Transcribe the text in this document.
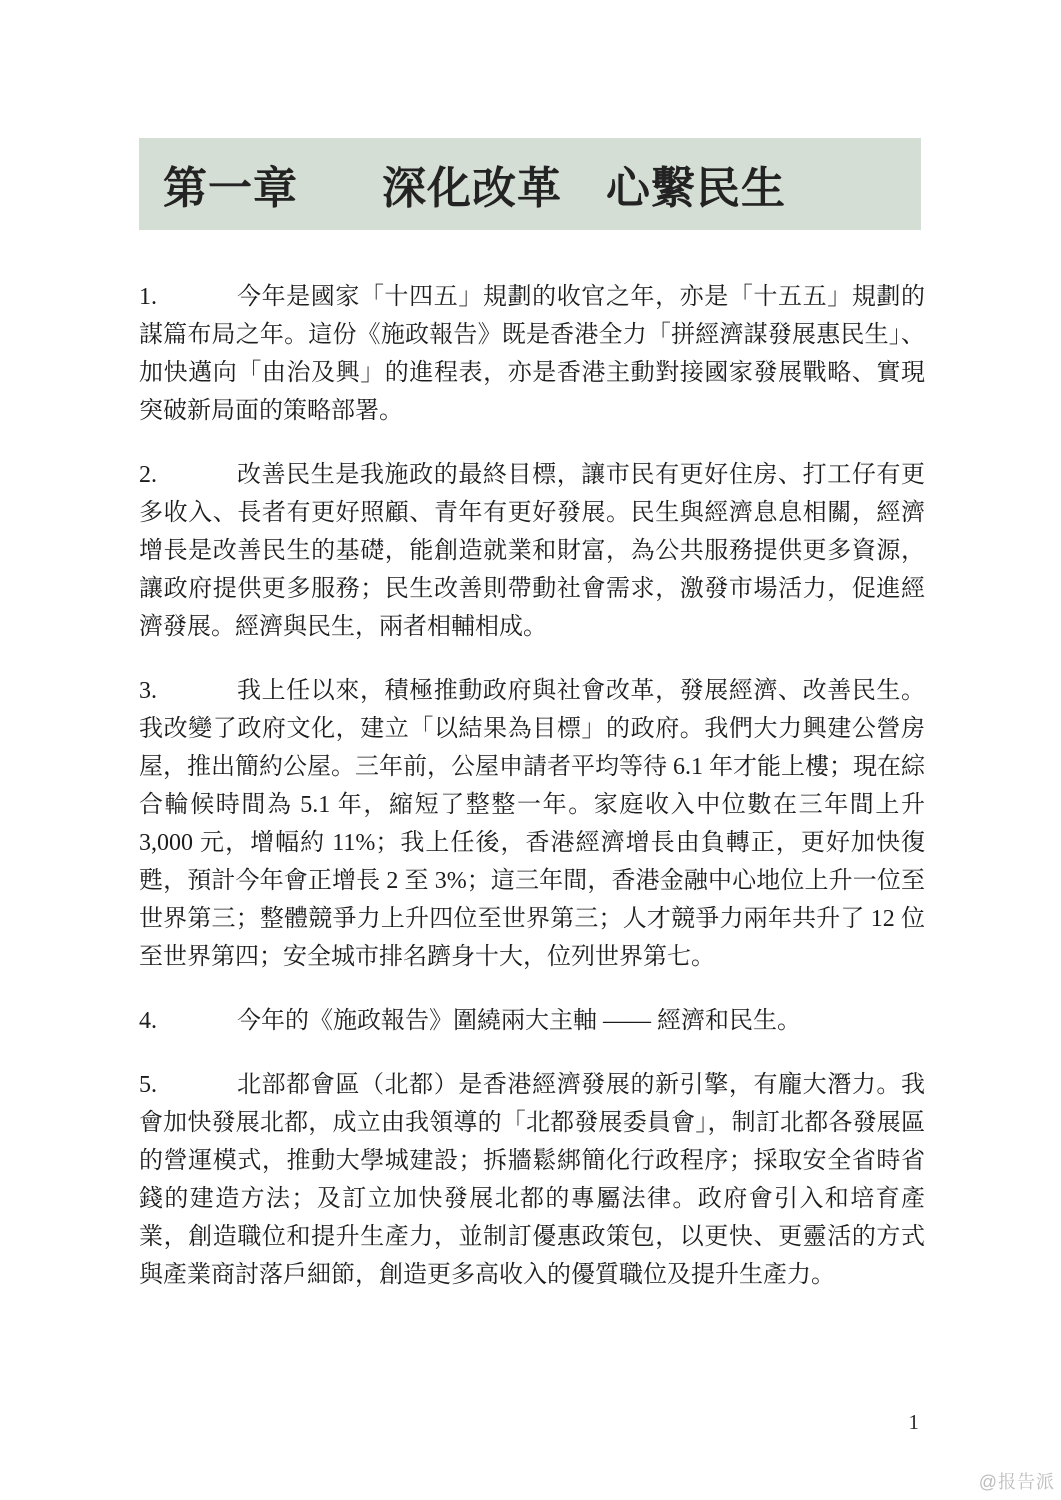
第一章 深化改革 心繫民生

1.	今年是國家「十四五」規劃的收官之年，亦是「十五五」規劃的謀篇布局之年。這份《施政報告》既是香港全力「拼經濟謀發展惠民生」、加快邁向「由治及興」的進程表，亦是香港主動對接國家發展戰略、實現突破新局面的策略部署。

2.	改善民生是我施政的最終目標，讓市民有更好住房、打工仔有更多收入、長者有更好照顧、青年有更好發展。民生與經濟息息相關，經濟增長是改善民生的基礎，能創造就業和財富，為公共服務提供更多資源，讓政府提供更多服務；民生改善則帶動社會需求，激發市場活力，促進經濟發展。經濟與民生，兩者相輔相成。

3.	我上任以來，積極推動政府與社會改革，發展經濟、改善民生。我改變了政府文化，建立「以結果為目標」的政府。我們大力興建公營房屋，推出簡約公屋。三年前，公屋申請者平均等待 6.1 年才能上樓；現在綜合輪候時間為 5.1 年，縮短了整整一年。家庭收入中位數在三年間上升 3,000 元，增幅約 11%；我上任後，香港經濟增長由負轉正，更好加快復甦，預計今年會正增長 2 至 3%；這三年間，香港金融中心地位上升一位至世界第三；整體競爭力上升四位至世界第三；人才競爭力兩年共升了 12 位至世界第四；安全城市排名躋身十大，位列世界第七。

4.	今年的《施政報告》圍繞兩大主軸 —— 經濟和民生。

5.	北部都會區（北都）是香港經濟發展的新引擎，有龐大潛力。我會加快發展北都，成立由我領導的「北都發展委員會」，制訂北都各發展區的營運模式，推動大學城建設；拆牆鬆綁簡化行政程序；採取安全省時省錢的建造方法；及訂立加快發展北都的專屬法律。政府會引入和培育產業，創造職位和提升生產力，並制訂優惠政策包，以更快、更靈活的方式與產業商討落戶細節，創造更多高收入的優質職位及提升生產力。

1
@报告派
